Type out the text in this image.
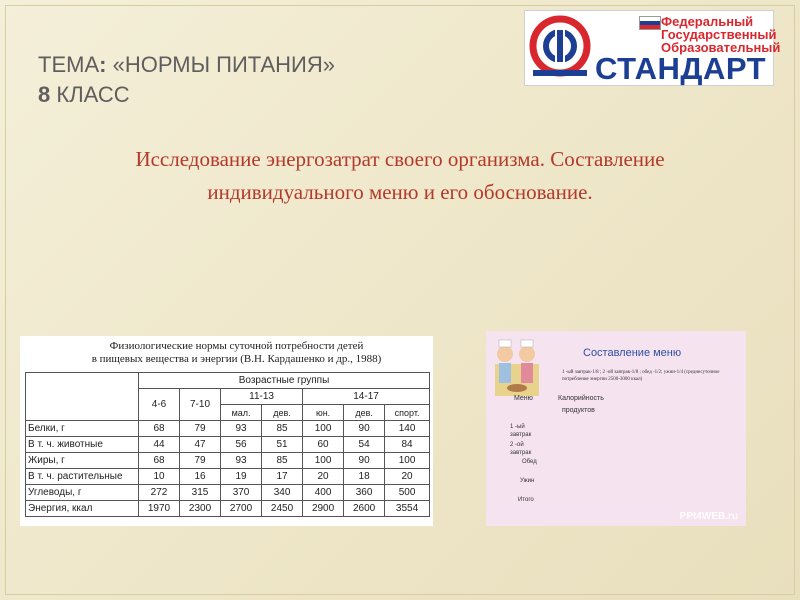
ТЕМА: «НОРМЫ ПИТАНИЯ»
8 КЛАСС
Федеральный
Государственный
Образовательный
СТАНДАРТ

Исследование энергозатрат своего организма. Составление
индивидуального меню и его обоснование.

Физиологические нормы суточной потребности детей
в пищевых вещества и энергии (В.Н. Кардашенко и др., 1988)
	Возрастные группы						
	4-6	7-10	11-13		14-17		
			мал.	дев.	юн.	дев.	спорт.
Белки, г	68	79	93	85	100	90	140
В т. ч. животные	44	47	56	51	60	54	84
Жиры, г	68	79	93	85	100	90	100
В т. ч. растительные	10	16	19	17	20	18	20
Углеводы, г	272	315	370	340	400	360	500
Энергия, ккал	1970	2300	2700	2450	2900	2600	3554
Составление меню
1 -ый завтрак-1/8 ; 2 -ой завтрак-1/8 ; обед -1/2; ужин-1/4 (среднесуточное потребление энергии 2500-3000 ккал)
Меню	Калорийность
продуктов
1 -ый завтрак
2 -ой завтрак
Обед
Ужин
Итого
PPt4WEB.ru
